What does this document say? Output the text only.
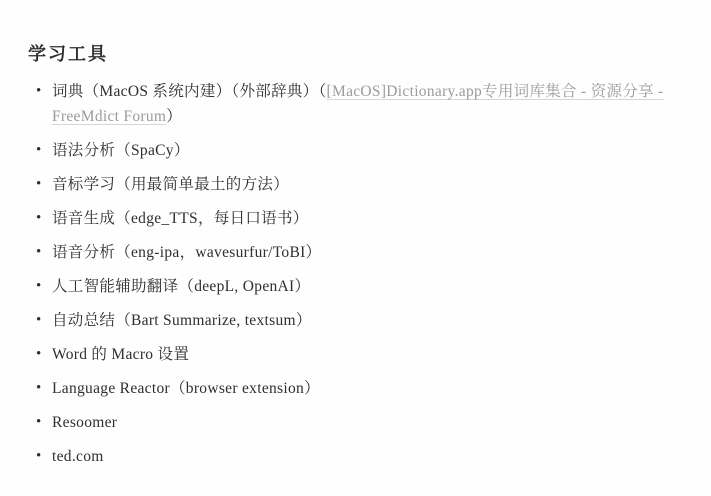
学习工具
• 词典（MacOS 系统内建）（外部辞典）（[MacOS]Dictionary.app专用词库集合 - 资源分享 - FreeMdict Forum）
• 语法分析（SpaCy）
• 音标学习（用最简单最土的方法）
• 语音生成（edge_TTS，每日口语书）
• 语音分析（eng-ipa，wavesurfur/ToBI）
• 人工智能辅助翻译（deepL, OpenAI）
• 自动总结（Bart Summarize, textsum）
• Word 的 Macro 设置
• Language Reactor（browser extension）
• Resoomer
• ted.com
